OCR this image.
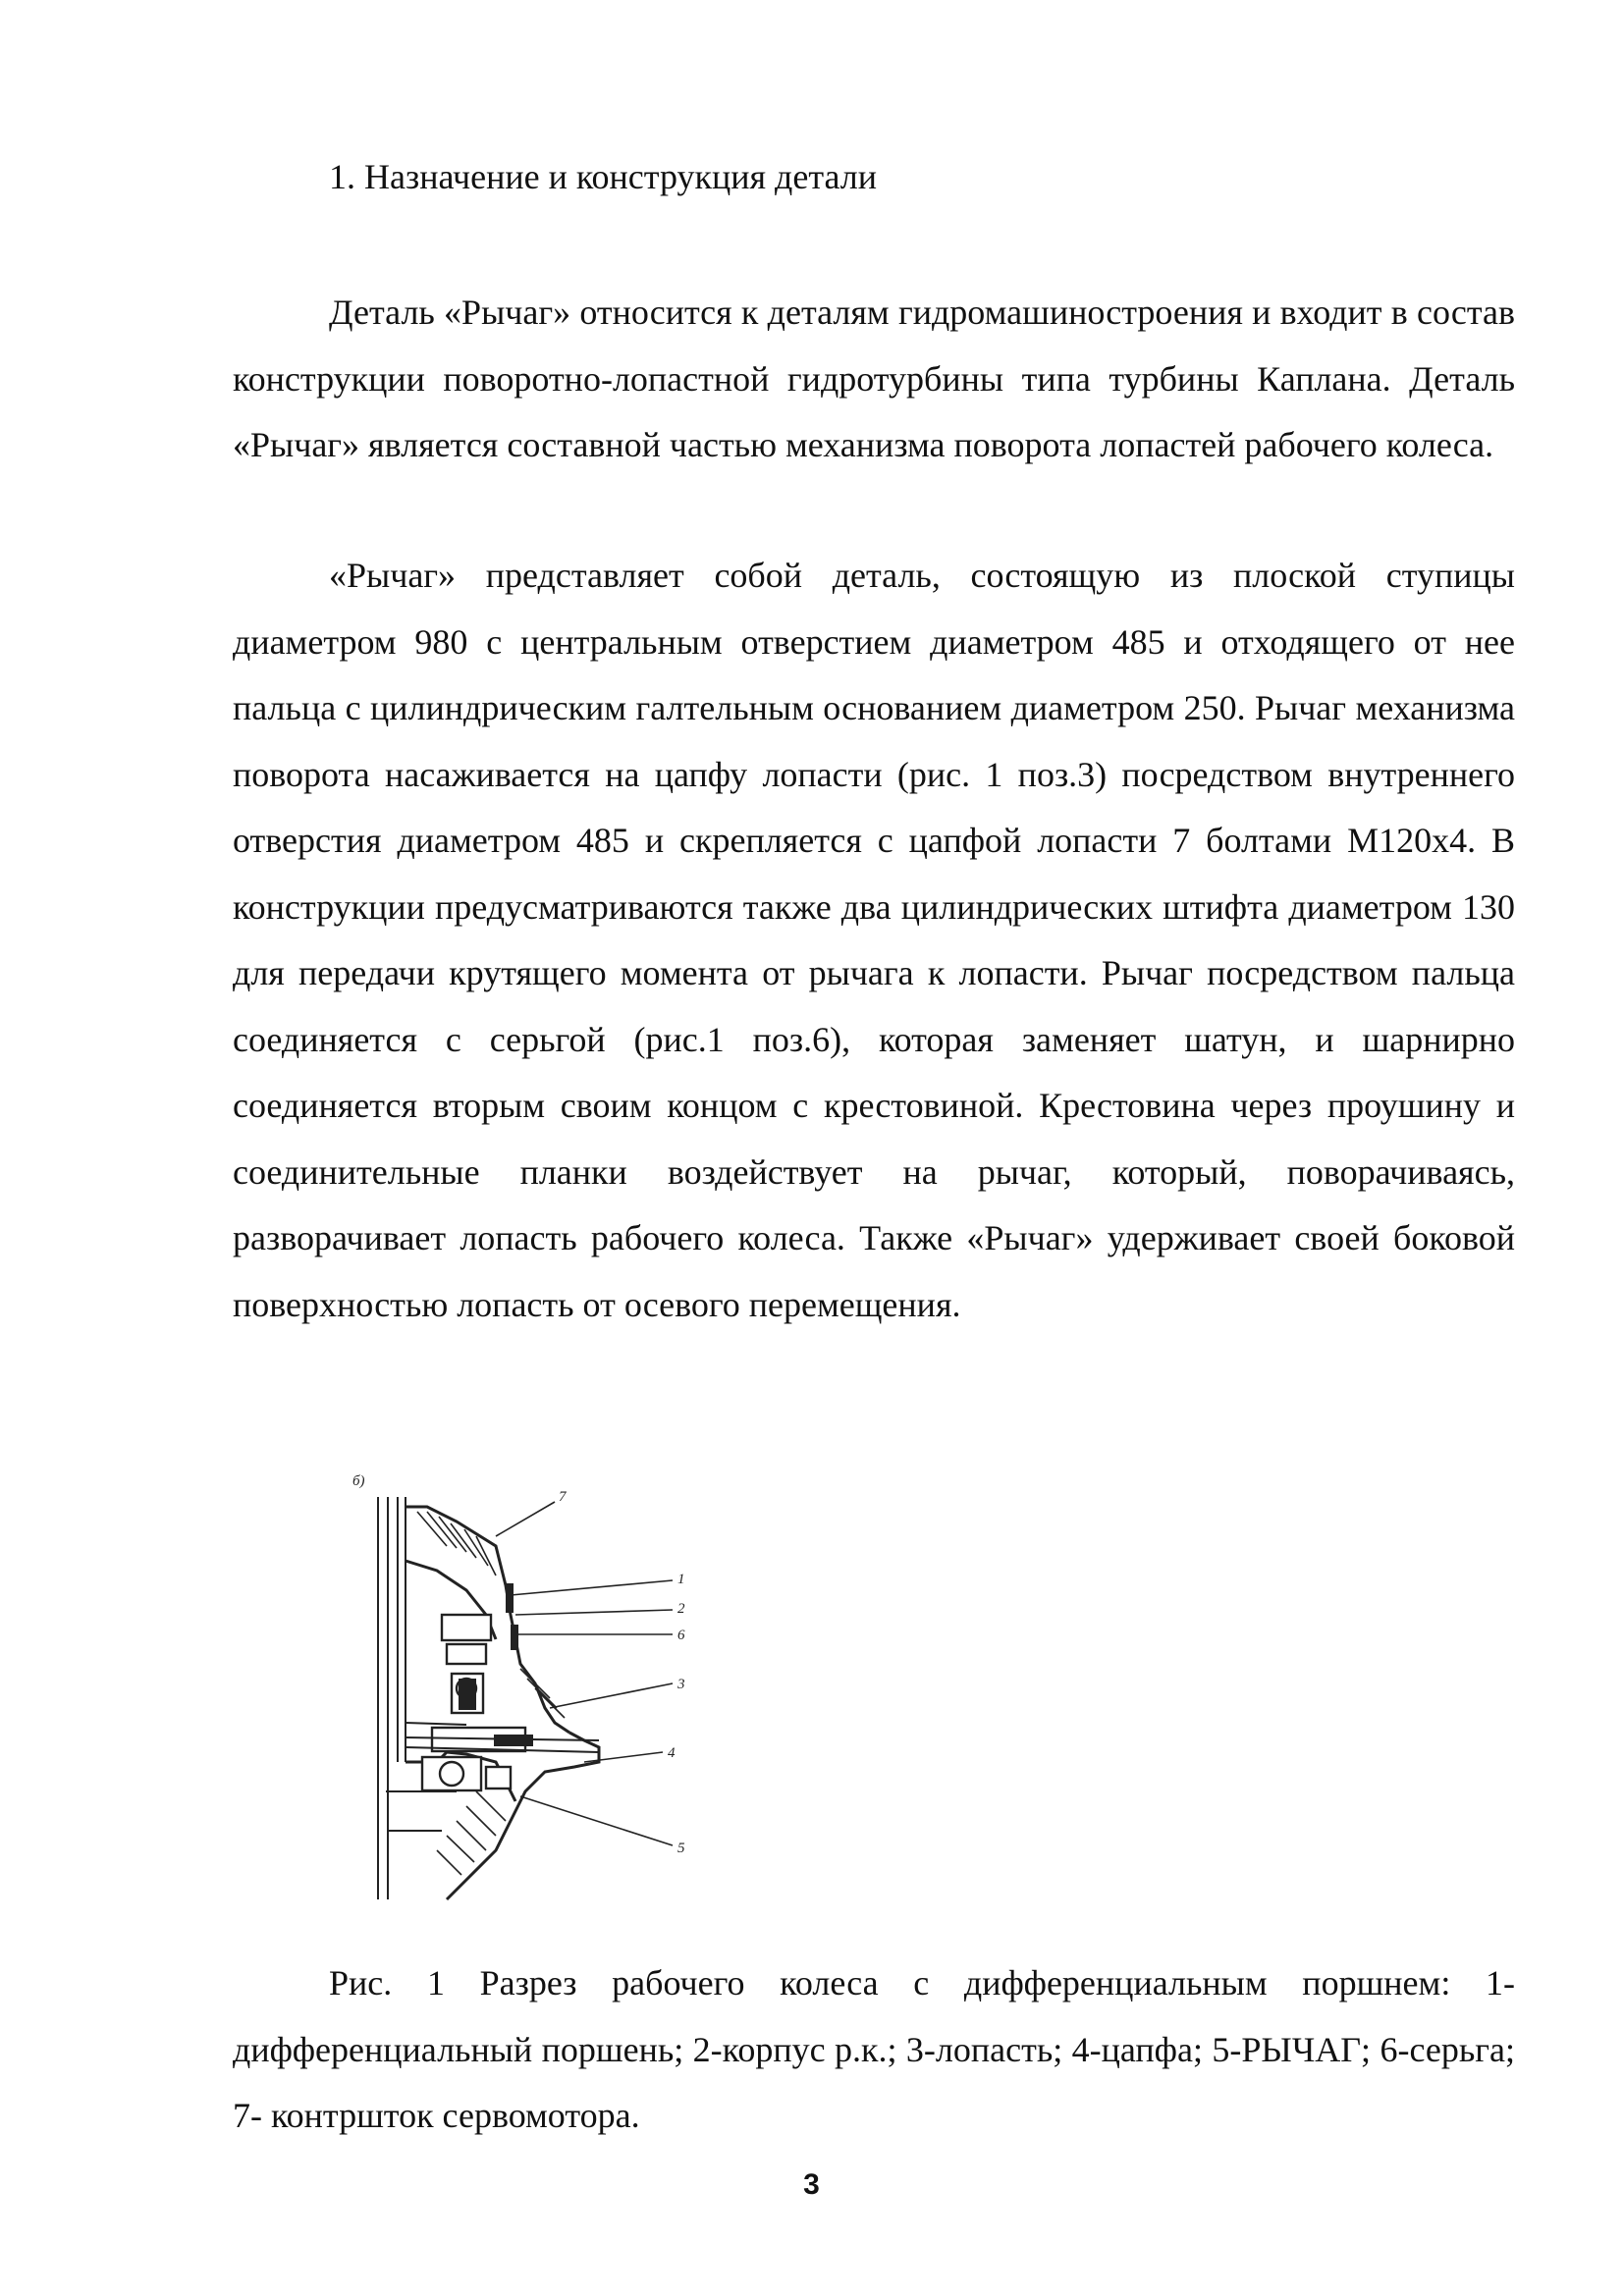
1. Назначение и конструкция детали

Деталь «Рычаг» относится к деталям гидромашиностроения и входит в состав конструкции поворотно-лопастной гидротурбины типа турбины Каплана. Деталь «Рычаг» является составной частью механизма поворота лопастей рабочего колеса.

«Рычаг» представляет собой деталь, состоящую из плоской ступицы диаметром 980 с центральным отверстием диаметром 485 и отходящего от нее пальца с цилиндрическим галтельным основанием диаметром 250. Рычаг механизма поворота насаживается на цапфу лопасти (рис. 1 поз.3) посредством внутреннего отверстия диаметром 485 и скрепляется с цапфой лопасти 7 болтами М120х4. В конструкции предусматриваются также два цилиндрических штифта диаметром 130 для передачи крутящего момента от рычага к лопасти. Рычаг посредством пальца соединяется с серьгой (рис.1 поз.6), которая заменяет шатун, и шарнирно соединяется вторым своим концом с крестовиной. Крестовина через проушину и соединительные планки воздействует на рычаг, который, поворачиваясь, разворачивает лопасть рабочего колеса. Также «Рычаг» удерживает своей боковой поверхностью лопасть от осевого перемещения.

б)
7
1
2
6
3
4
5

Рис. 1 Разрез рабочего колеса с дифференциальным поршнем: 1-дифференциальный поршень; 2-корпус р.к.; 3-лопасть; 4-цапфа; 5-РЫЧАГ; 6-серьга; 7- контршток сервомотора.

3
